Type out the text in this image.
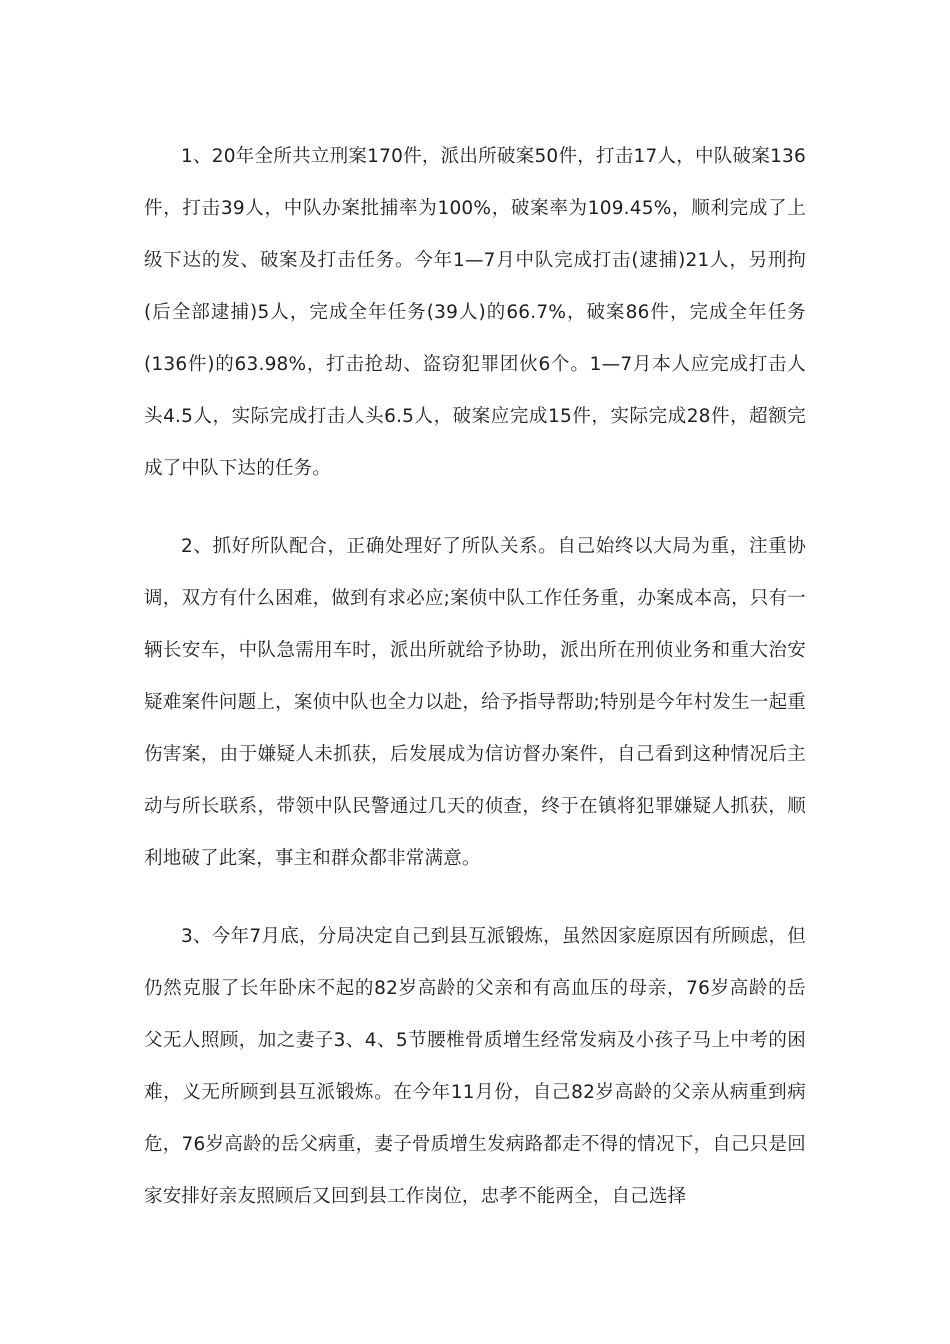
1、20年全所共立刑案170件，派出所破案50件，打击17人，中队破案136件，打击39人，中队办案批捕率为100%，破案率为109.45%，顺利完成了上级下达的发、破案及打击任务。今年1—7月中队完成打击(逮捕)21人，另刑拘(后全部逮捕)5人，完成全年任务(39人)的66.7%，破案86件，完成全年任务(136件)的63.98%，打击抢劫、盗窃犯罪团伙6个。1—7月本人应完成打击人头4.5人，实际完成打击人头6.5人，破案应完成15件，实际完成28件，超额完成了中队下达的任务。

2、抓好所队配合，正确处理好了所队关系。自己始终以大局为重，注重协调，双方有什么困难，做到有求必应;案侦中队工作任务重，办案成本高，只有一辆长安车，中队急需用车时，派出所就给予协助，派出所在刑侦业务和重大治安疑难案件问题上，案侦中队也全力以赴，给予指导帮助;特别是今年村发生一起重伤害案，由于嫌疑人未抓获，后发展成为信访督办案件，自己看到这种情况后主动与所长联系，带领中队民警通过几天的侦查，终于在镇将犯罪嫌疑人抓获，顺利地破了此案，事主和群众都非常满意。

3、今年7月底，分局决定自己到县互派锻炼，虽然因家庭原因有所顾虑，但仍然克服了长年卧床不起的82岁高龄的父亲和有高血压的母亲，76岁高龄的岳父无人照顾，加之妻子3、4、5节腰椎骨质增生经常发病及小孩子马上中考的困难，义无所顾到县互派锻炼。在今年11月份，自己82岁高龄的父亲从病重到病危，76岁高龄的岳父病重，妻子骨质增生发病路都走不得的情况下，自己只是回家安排好亲友照顾后又回到县工作岗位，忠孝不能两全，自己选择
